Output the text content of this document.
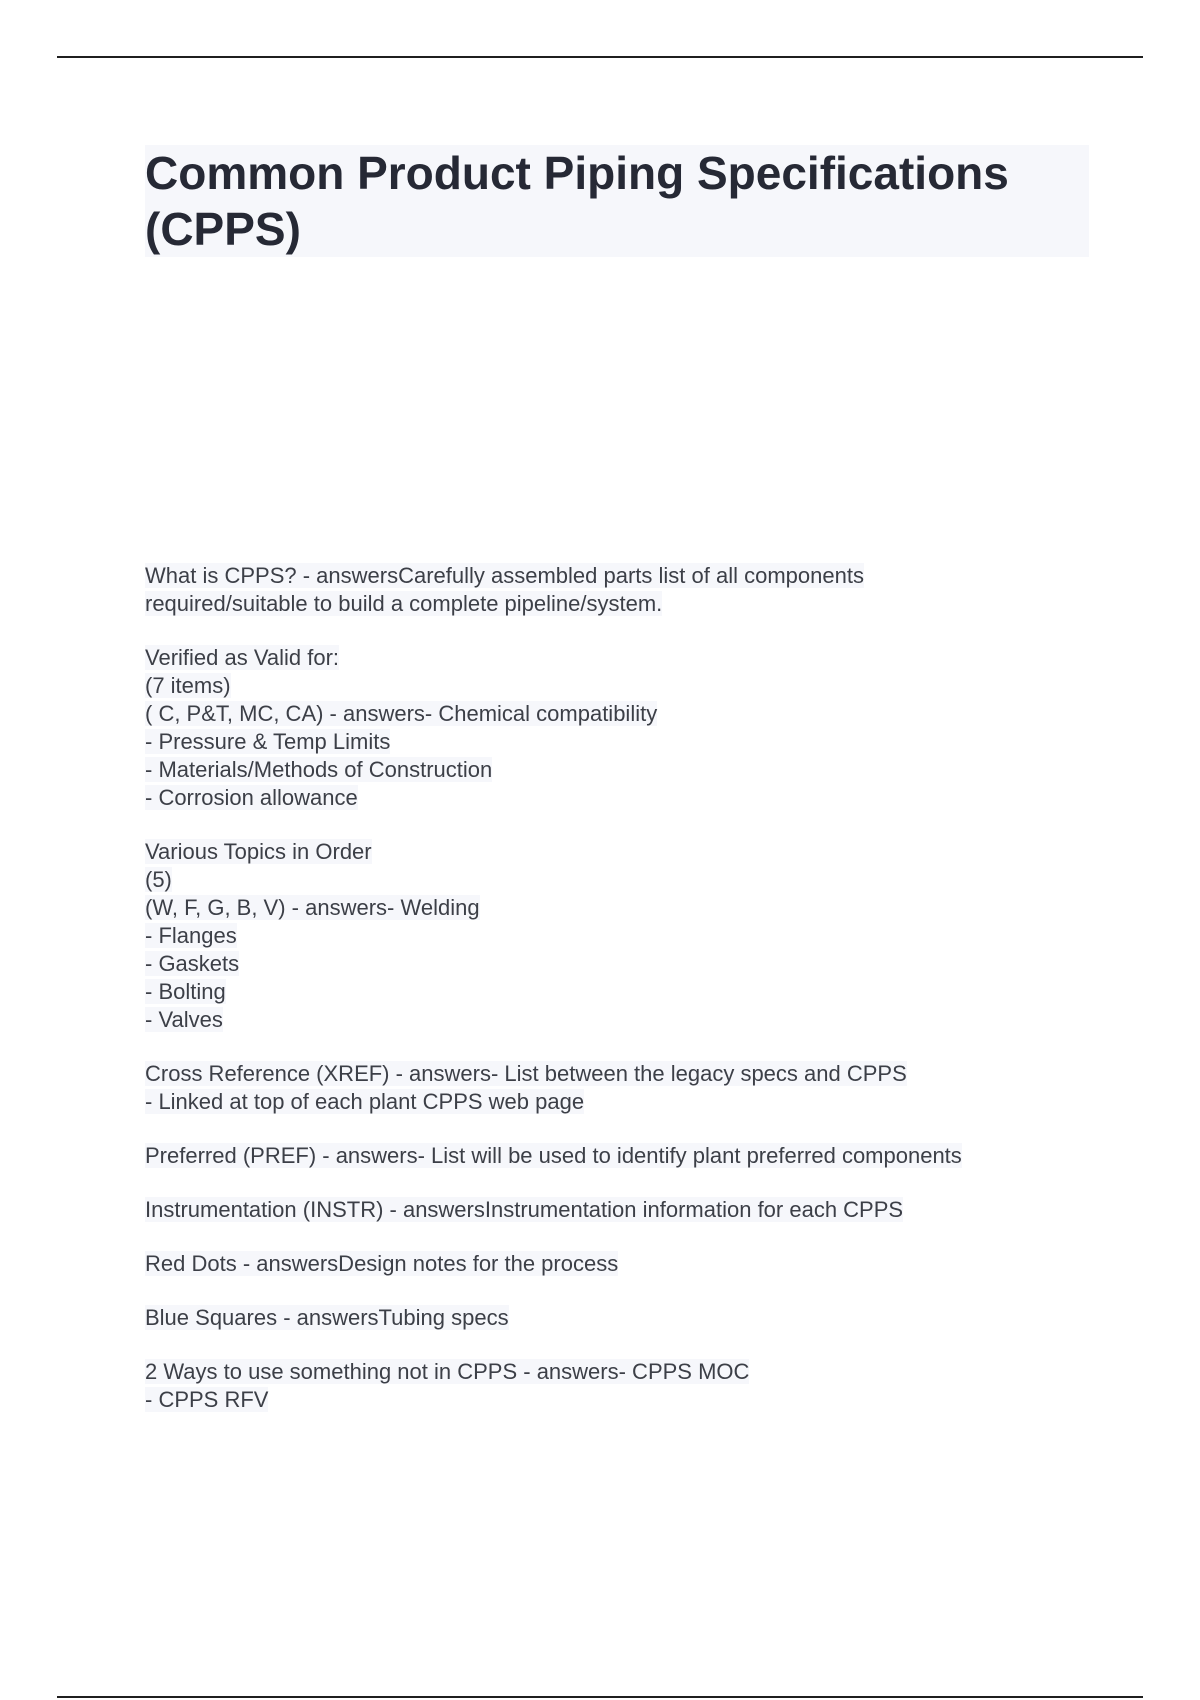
Common Product Piping Specifications
(CPPS)
What is CPPS? - answersCarefully assembled parts list of all components
required/suitable to build a complete pipeline/system.
Verified as Valid for:
(7 items)
( C, P&T, MC, CA) - answers- Chemical compatibility
- Pressure & Temp Limits
- Materials/Methods of Construction
- Corrosion allowance
Various Topics in Order
(5)
(W, F, G, B, V) - answers- Welding
- Flanges
- Gaskets
- Bolting
- Valves
Cross Reference (XREF) - answers- List between the legacy specs and CPPS
- Linked at top of each plant CPPS web page
Preferred (PREF) - answers- List will be used to identify plant preferred components
Instrumentation (INSTR) - answersInstrumentation information for each CPPS
Red Dots - answersDesign notes for the process
Blue Squares - answersTubing specs
2 Ways to use something not in CPPS - answers- CPPS MOC
- CPPS RFV
